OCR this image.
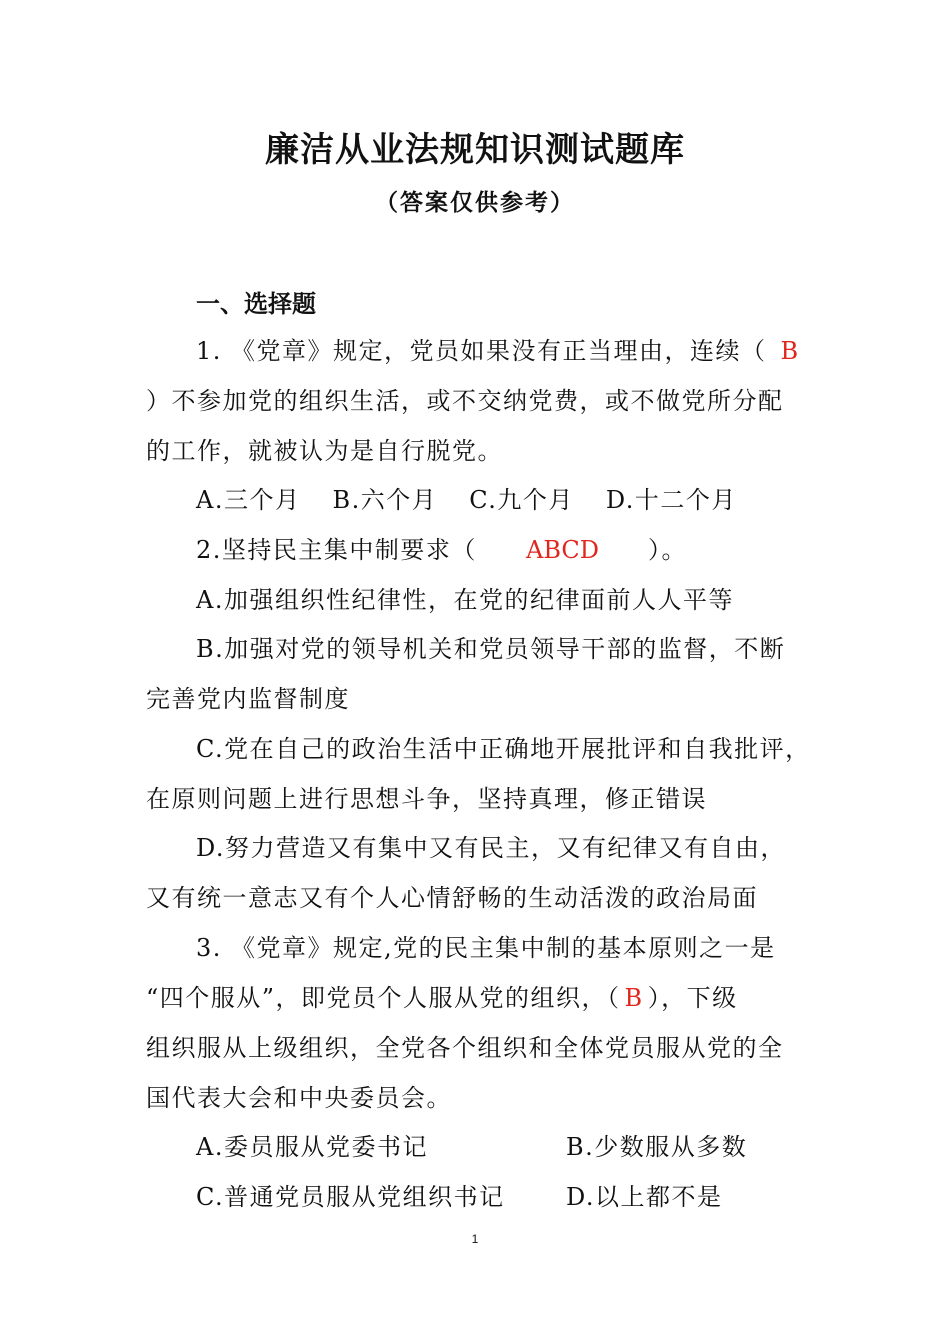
廉洁从业法规知识测试题库
（答案仅供参考）
一、选择题
1. 《党章》规定，党员如果没有正当理由，连续（ B
）不参加党的组织生活，或不交纳党费，或不做党所分配
的工作，就被认为是自行脱党。
A.三个月 B.六个月 C.九个月 D.十二个月
2.坚持民主集中制要求（ ABCD ）。
A.加强组织性纪律性，在党的纪律面前人人平等
B.加强对党的领导机关和党员领导干部的监督，不断
完善党内监督制度
C.党在自己的政治生活中正确地开展批评和自我批评，
在原则问题上进行思想斗争，坚持真理，修正错误
D.努力营造又有集中又有民主，又有纪律又有自由，
又有统一意志又有个人心情舒畅的生动活泼的政治局面
3. 《党章》规定,党的民主集中制的基本原则之一是
“四个服从”，即党员个人服从党的组织，（ B ），下级
组织服从上级组织，全党各个组织和全体党员服从党的全
国代表大会和中央委员会。
A.委员服从党委书记	B.少数服从多数
C.普通党员服从党组织书记	D.以上都不是
1
